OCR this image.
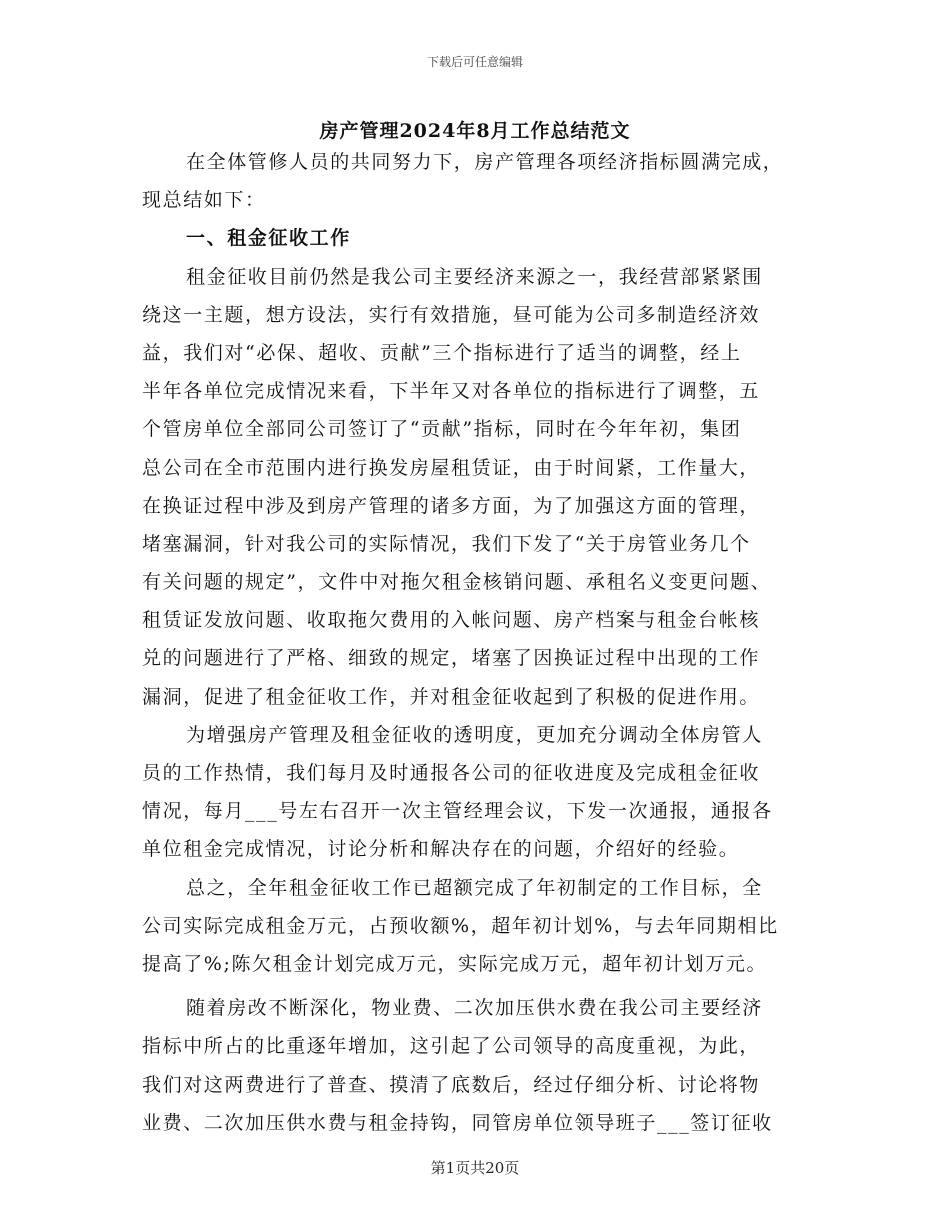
下载后可任意编辑
房产管理2024年8月工作总结范文
在全体管修人员的共同努力下，房产管理各项经济指标圆满完成，
现总结如下：
一、租金征收工作
租金征收目前仍然是我公司主要经济来源之一，我经营部紧紧围
绕这一主题，想方设法，实行有效措施，昼可能为公司多制造经济效
益，我们对“必保、超收、贡献”三个指标进行了适当的调整，经上
半年各单位完成情况来看，下半年又对各单位的指标进行了调整，五
个管房单位全部同公司签订了“贡献”指标，同时在今年年初，集团
总公司在全市范围内进行换发房屋租赁证，由于时间紧，工作量大，
在换证过程中涉及到房产管理的诸多方面，为了加强这方面的管理，
堵塞漏洞，针对我公司的实际情况，我们下发了“关于房管业务几个
有关问题的规定”，文件中对拖欠租金核销问题、承租名义变更问题、
租赁证发放问题、收取拖欠费用的入帐问题、房产档案与租金台帐核
兑的问题进行了严格、细致的规定，堵塞了因换证过程中出现的工作
漏洞，促进了租金征收工作，并对租金征收起到了积极的促进作用。
为增强房产管理及租金征收的透明度，更加充分调动全体房管人
员的工作热情，我们每月及时通报各公司的征收进度及完成租金征收
情况，每月___号左右召开一次主管经理会议，下发一次通报，通报各
单位租金完成情况，讨论分析和解决存在的问题，介绍好的经验。
总之，全年租金征收工作已超额完成了年初制定的工作目标，全
公司实际完成租金万元，占预收额%，超年初计划%，与去年同期相比
提高了%;陈欠租金计划完成万元，实际完成万元，超年初计划万元。
随着房改不断深化，物业费、二次加压供水费在我公司主要经济
指标中所占的比重逐年增加，这引起了公司领导的高度重视，为此，
我们对这两费进行了普查、摸清了底数后，经过仔细分析、讨论将物
业费、二次加压供水费与租金持钩，同管房单位领导班子___签订征收
第1页共20页
